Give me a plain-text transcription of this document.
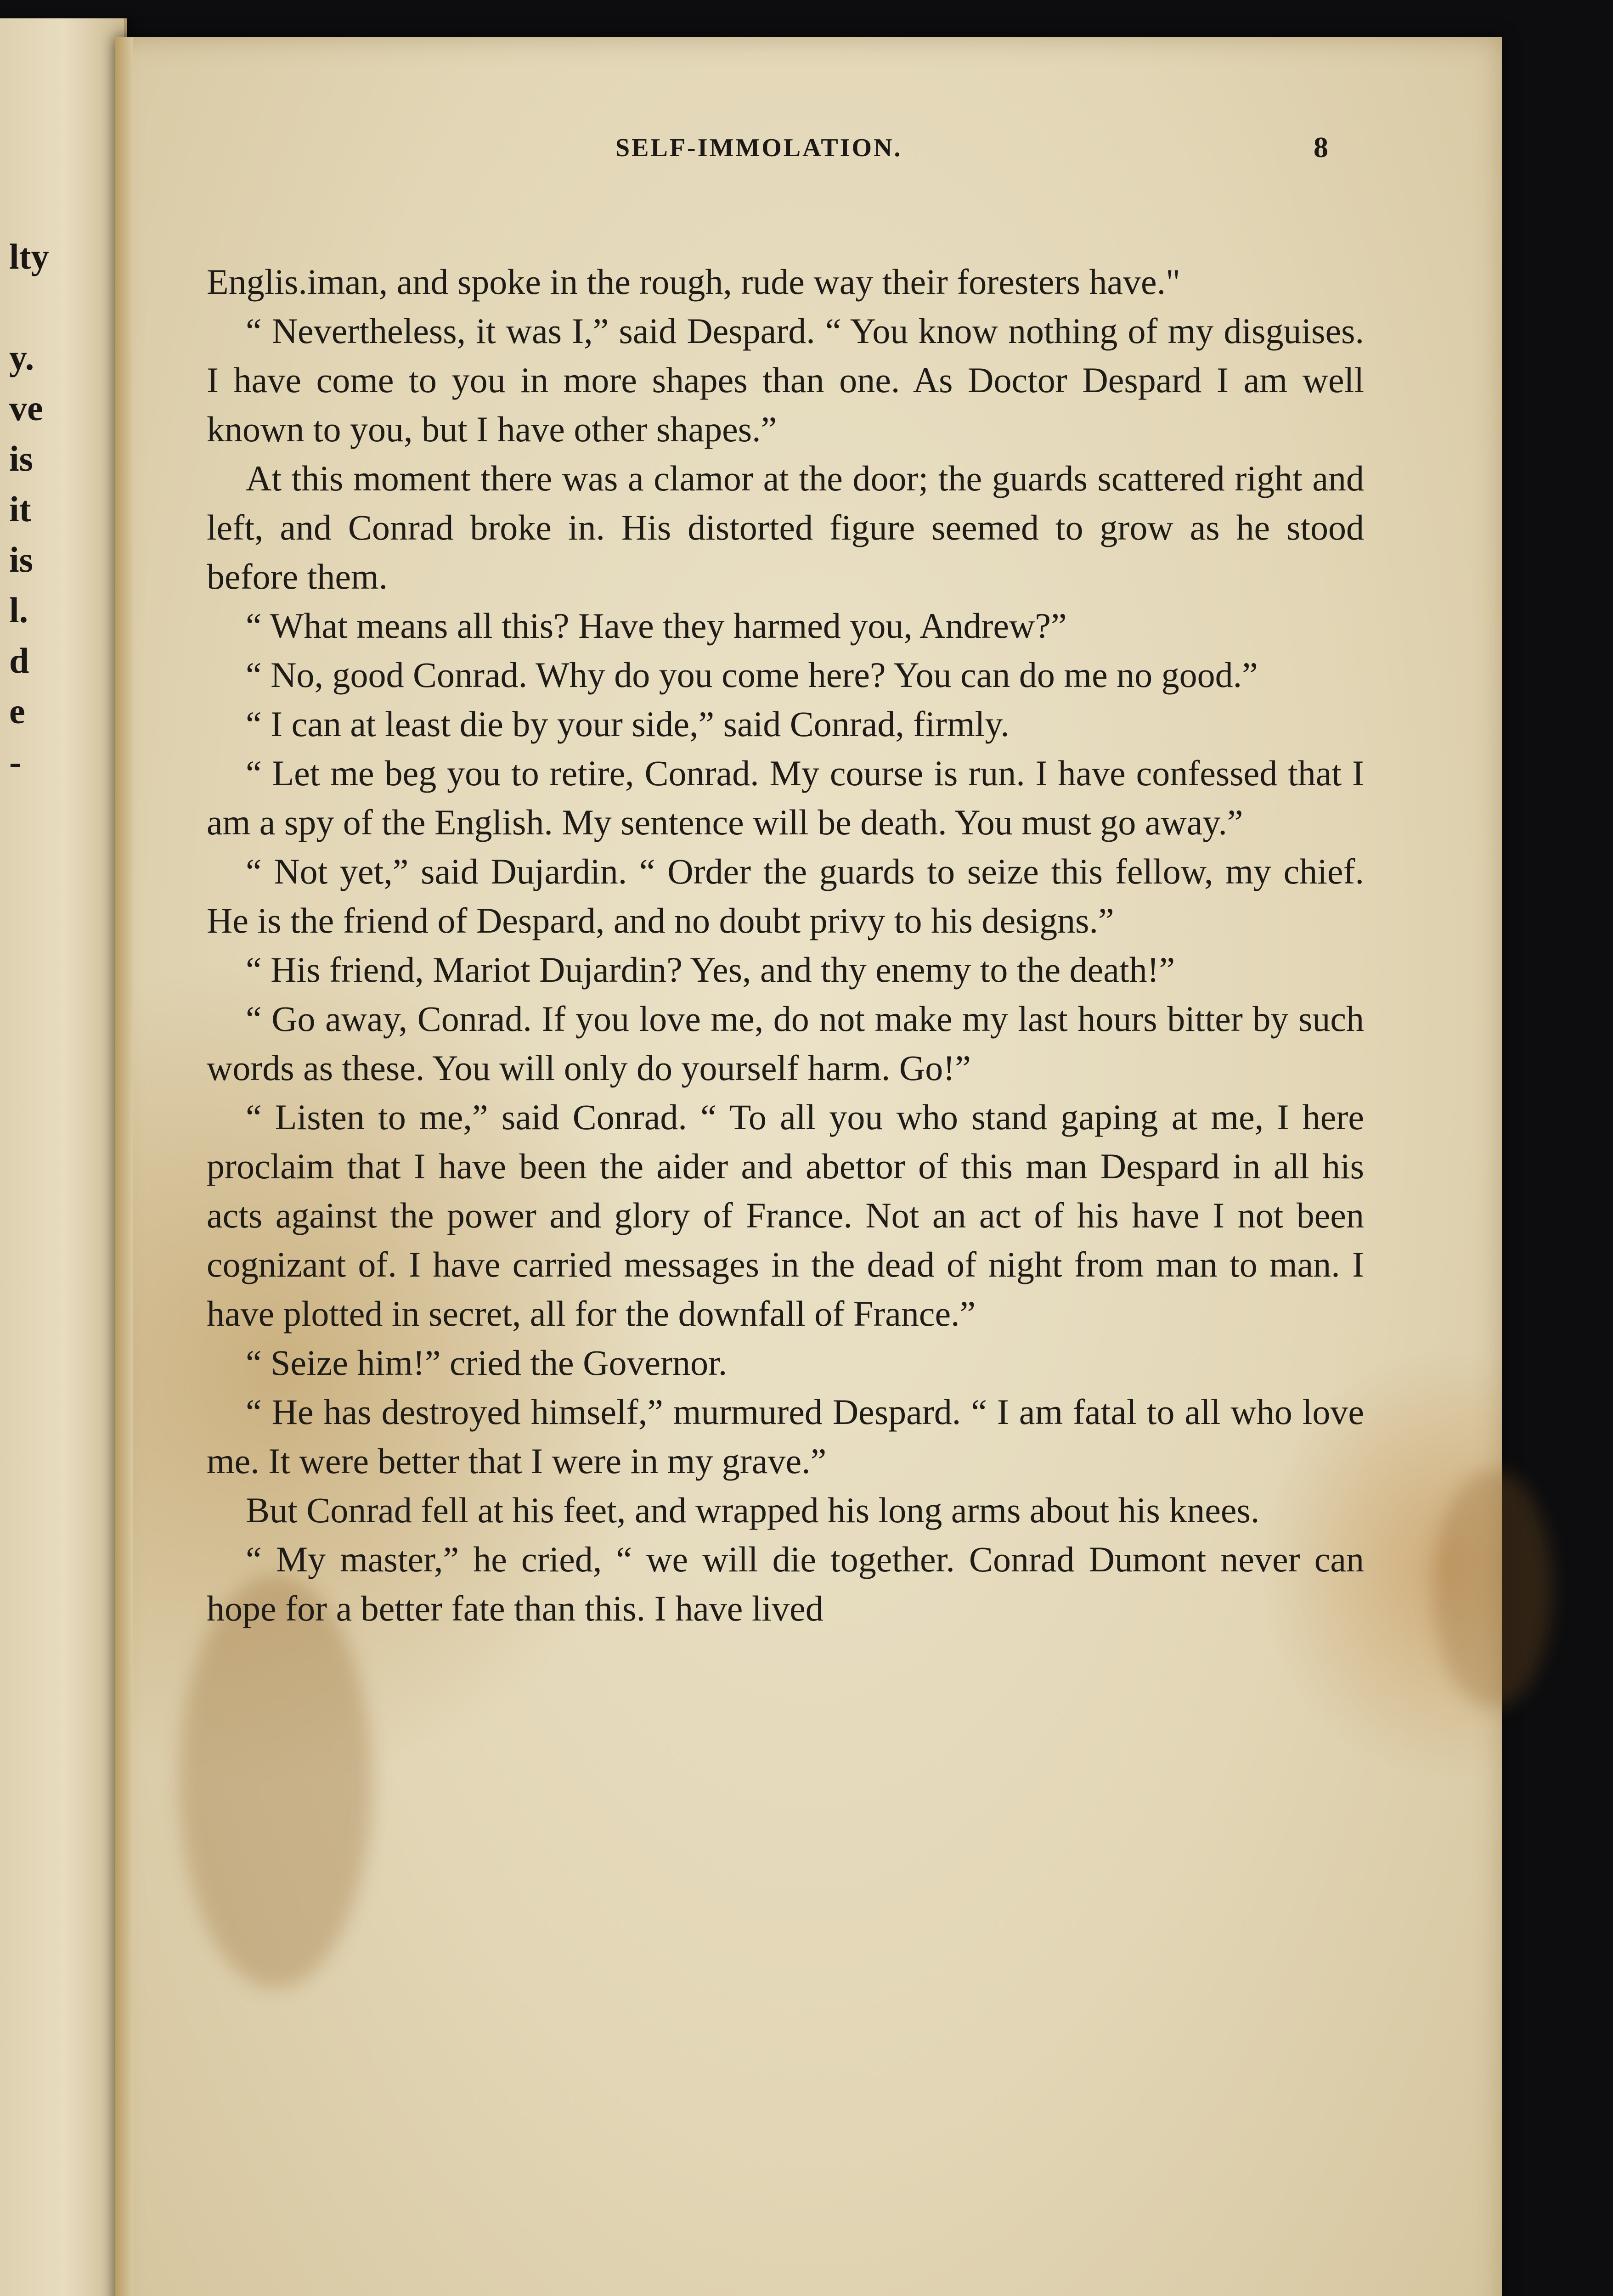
lty
y.
ve
is
it
is
l.
d
e
-
SELF-IMMOLATION.	8

Englis.iman, and spoke in the rough, rude way their foresters have."

“ Nevertheless, it was I,” said Despard. “ You know nothing of my disguises. I have come to you in more shapes than one. As Doctor Despard I am well known to you, but I have other shapes.”

At this moment there was a clamor at the door; the guards scattered right and left, and Conrad broke in. His distorted figure seemed to grow as he stood before them.

“ What means all this? Have they harmed you, Andrew?”

“ No, good Conrad. Why do you come here? You can do me no good.”

“ I can at least die by your side,” said Conrad, firmly.

“ Let me beg you to retire, Conrad. My course is run. I have confessed that I am a spy of the English. My sentence will be death. You must go away.”

“ Not yet,” said Dujardin. “ Order the guards to seize this fellow, my chief. He is the friend of Despard, and no doubt privy to his designs.”

“ His friend, Mariot Dujardin? Yes, and thy enemy to the death!”

“ Go away, Conrad. If you love me, do not make my last hours bitter by such words as these. You will only do yourself harm. Go!”

“ Listen to me,” said Conrad. “ To all you who stand gaping at me, I here proclaim that I have been the aider and abettor of this man Despard in all his acts against the power and glory of France. Not an act of his have I not been cognizant of. I have carried messages in the dead of night from man to man. I have plotted in secret, all for the downfall of France.”

“ Seize him!” cried the Governor.

“ He has destroyed himself,” murmured Despard. “ I am fatal to all who love me. It were better that I were in my grave.”

But Conrad fell at his feet, and wrapped his long arms about his knees.

“ My master,” he cried, “ we will die together. Conrad Dumont never can hope for a better fate than this. I have lived
